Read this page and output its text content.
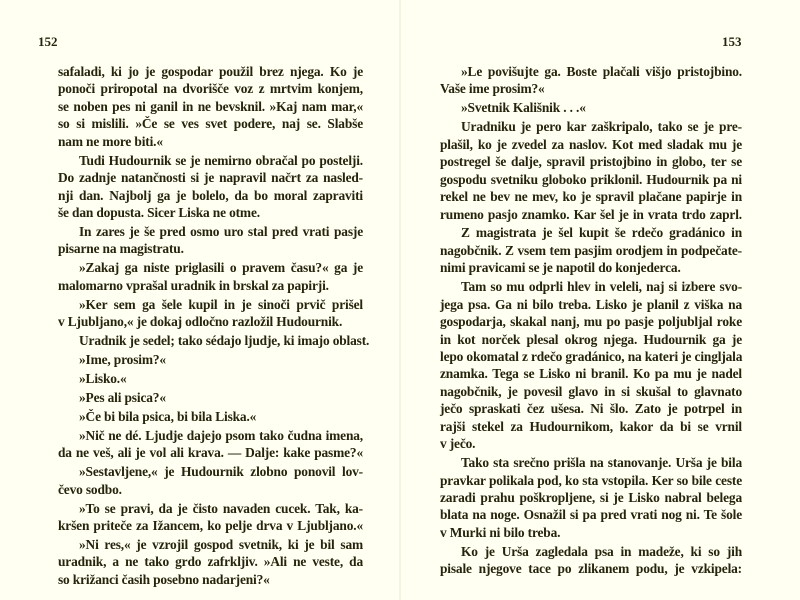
152
safaladi, ki jo je gospodar použil brez njega. Ko je
ponoči priropotal na dvorišče voz z mrtvim konjem,
se noben pes ni ganil in ne bevsknil. »Kaj nam mar,«
so si mislili. »Če se ves svet podere, naj se. Slabše
nam ne more biti.«
Tudi Hudournik se je nemirno obračal po postelji.
Do zadnje natančnosti si je napravil načrt za nasled-
nji dan. Najbolj ga je bolelo, da bo moral zapraviti
še dan dopusta. Sicer Liska ne otme.
In zares je še pred osmo uro stal pred vrati pasje
pisarne na magistratu.
»Zakaj ga niste priglasili o pravem času?« ga je
malomarno vprašal uradnik in brskal za papirji.
»Ker sem ga šele kupil in je sinoči prvič prišel
v Ljubljano,« je dokaj odločno razložil Hudournik.
Uradnik je sedel; tako sédajo ljudje, ki imajo oblast.
»Ime, prosim?«
»Lisko.«
»Pes ali psica?«
»Če bi bila psica, bi bila Liska.«
»Nič ne dé. Ljudje dajejo psom tako čudna imena,
da ne veš, ali je vol ali krava. — Dalje: kake pasme?«
»Sestavljene,« je Hudournik zlobno ponovil lov-
čevo sodbo.
»To se pravi, da je čisto navaden cucek. Tak, ka-
kršen priteče za Ižancem, ko pelje drva v Ljubljano.«
»Ni res,« je vzrojil gospod svetnik, ki je bil sam
uradnik, a ne tako grdo zafrkljiv. »Ali ne veste, da
so križanci časih posebno nadarjeni?«
153
»Le povišujte ga. Boste plačali višjo pristojbino.
Vaše ime prosim?«
»Svetnik Kališnik . . .«
Uradniku je pero kar zaškripalo, tako se je pre-
plašil, ko je zvedel za naslov. Kot med sladak mu je
postregel še dalje, spravil pristojbino in globo, ter se
gospodu svetniku globoko priklonil. Hudournik pa ni
rekel ne bev ne mev, ko je spravil plačane papirje in
rumeno pasjo znamko. Kar šel je in vrata trdo zaprl.
Z magistrata je šel kupit še rdečo gradánico in
nagobčnik. Z vsem tem pasjim orodjem in podpečate-
nimi pravicami se je napotil do konjederca.
Tam so mu odprli hlev in veleli, naj si izbere svo-
jega psa. Ga ni bilo treba. Lisko je planil z viška na
gospodarja, skakal nanj, mu po pasje poljubljal roke
in kot norček plesal okrog njega. Hudournik ga je
lepo okomatal z rdečo gradánico, na kateri je cingljala
znamka. Tega se Lisko ni branil. Ko pa mu je nadel
nagobčnik, je povesil glavo in si skušal to glavnato
ječo spraskati čez ušesa. Ni šlo. Zato je potrpel in
rajši stekel za Hudournikom, kakor da bi se vrnil
v ječo.
Tako sta srečno prišla na stanovanje. Urša je bila
pravkar polikala pod, ko sta vstopila. Ker so bile ceste
zaradi prahu poškropljene, si je Lisko nabral belega
blata na noge. Osnažil si pa pred vrati nog ni. Te šole
v Murki ni bilo treba.
Ko je Urša zagledala psa in madeže, ki so jih
pisale njegove tace po zlikanem podu, je vzkipela:
